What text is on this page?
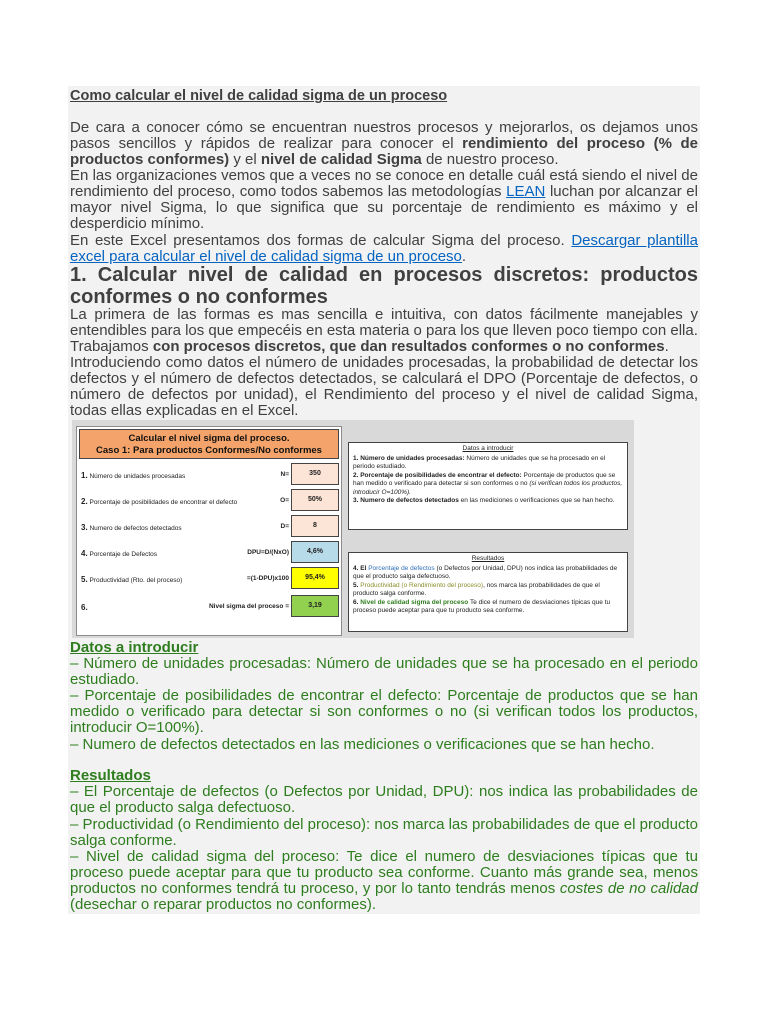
Como calcular el nivel de calidad sigma de un proceso

De cara a conocer cómo se encuentran nuestros procesos y mejorarlos, os dejamos unos pasos sencillos y rápidos de realizar para conocer el rendimiento del proceso (% de productos conformes) y el nivel de calidad Sigma de nuestro proceso.

En las organizaciones vemos que a veces no se conoce en detalle cuál está siendo el nivel de rendimiento del proceso, como todos sabemos las metodologías LEAN luchan por alcanzar el mayor nivel Sigma, lo que significa que su porcentaje de rendimiento es máximo y el desperdicio mínimo.

En este Excel presentamos dos formas de calcular Sigma del proceso. Descargar plantilla excel para calcular el nivel de calidad sigma de un proceso.

1. Calcular nivel de calidad en procesos discretos: productos conformes o no conformes

La primera de las formas es mas sencilla e intuitiva, con datos fácilmente manejables y entendibles para los que empecéis en esta materia o para los que lleven poco tiempo con ella.

Trabajamos con procesos discretos, que dan resultados conformes o no conformes.

Introduciendo como datos el número de unidades procesadas, la probabilidad de detectar los defectos y el número de defectos detectados, se calculará el DPO (Porcentaje de defectos, o número de defectos por unidad), el Rendimiento del proceso y el nivel de calidad Sigma, todas ellas explicadas en el Excel.

Calcular el nivel sigma del proceso.
Caso 1: Para productos Conformes/No conformes
1. Número de unidades procesadas	N=	350
2. Porcentaje de posibilidades de encontrar el defecto	O=	50%
3. Numero de defectos detectados	D=	8
4. Porcentaje de Defectos	DPU=D/(NxO)	4,6%
5. Productividad (Rto. del proceso)	=(1-DPU)x100	95,4%
6.	Nivel sigma del proceso =	3,19
Datos a introducir
1. Número de unidades procesadas: Número de unidades que se ha procesado en el periodo estudiado.
2. Porcentaje de posibilidades de encontrar el defecto: Porcentaje de productos que se han medido o verificado para detectar si son conformes o no (si verifican todos los productos, introducir O=100%).
3. Numero de defectos detectados en las mediciones o verificaciones que se han hecho.
Resultados
4. El Porcentaje de defectos (o Defectos por Unidad, DPU) nos indica las probabilidades de que el producto salga defectuoso.
5. Productividad (o Rendimiento del proceso), nos marca las probabilidades de que el producto salga conforme.
6. Nivel de calidad sigma del proceso Te dice el numero de desviaciones típicas que tu proceso puede aceptar para que tu producto sea conforme.

Datos a introducir

– Número de unidades procesadas: Número de unidades que se ha procesado en el periodo estudiado.

– Porcentaje de posibilidades de encontrar el defecto: Porcentaje de productos que se han medido o verificado para detectar si son conformes o no (si verifican todos los productos, introducir O=100%).

– Numero de defectos detectados en las mediciones o verificaciones que se han hecho.

Resultados

– El Porcentaje de defectos (o Defectos por Unidad, DPU): nos indica las probabilidades de que el producto salga defectuoso.

– Productividad (o Rendimiento del proceso): nos marca las probabilidades de que el producto salga conforme.

– Nivel de calidad sigma del proceso: Te dice el numero de desviaciones típicas que tu proceso puede aceptar para que tu producto sea conforme. Cuanto más grande sea, menos productos no conformes tendrá tu proceso, y por lo tanto tendrás menos costes de no calidad (desechar o reparar productos no conformes).
